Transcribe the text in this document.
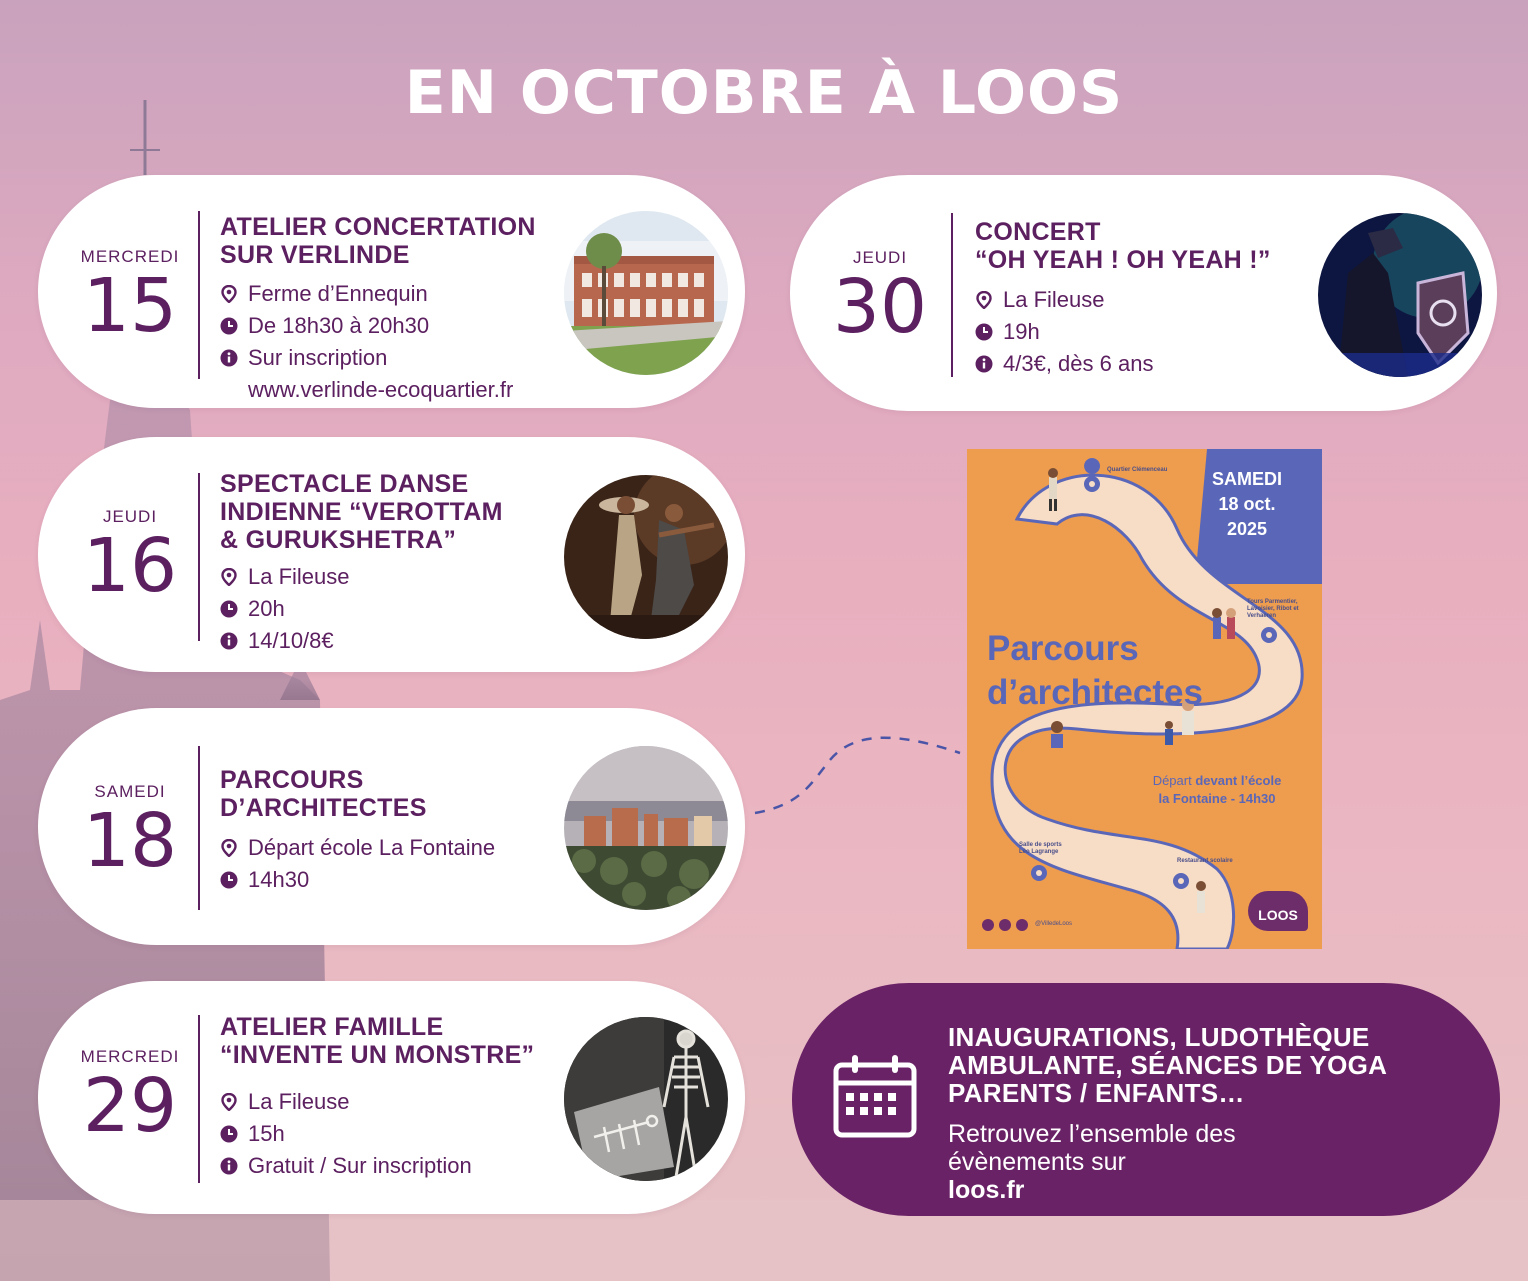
EN OCTOBRE À LOOS
MERCREDI
15
ATELIER CONCERTATION
SUR VERLINDE
Ferme d’Ennequin
De 18h30 à 20h30
Sur inscription
www.verlinde-ecoquartier.fr
JEUDI
16
SPECTACLE DANSE
INDIENNE “VEROTTAM
& GURUKSHETRA”
La Fileuse
20h
14/10/8€
SAMEDI
18
PARCOURS
D’ARCHITECTES
Départ école La Fontaine
14h30
MERCREDI
29
ATELIER FAMILLE
“INVENTE UN MONSTRE”
La Fileuse
15h
Gratuit / Sur inscription
JEUDI
30
CONCERT
“OH YEAH ! OH YEAH !”
La Fileuse
19h
4/3€, dès 6 ans
SAMEDI
18 oct.
2025
Parcours
d’architectes
Départ devant l’école
la Fontaine - 14h30
Quartier Clémenceau
Tours Parmentier, Lavoisier, Ribot et Verhaeren
Salle de sports Léo Lagrange
Restaurant scolaire
@VilledeLoos
LOOS
INAUGURATIONS, LUDOTHÈQUE
AMBULANTE, SÉANCES DE YOGA
PARENTS / ENFANTS…
Retrouvez l’ensemble des
évènements sur
loos.fr
